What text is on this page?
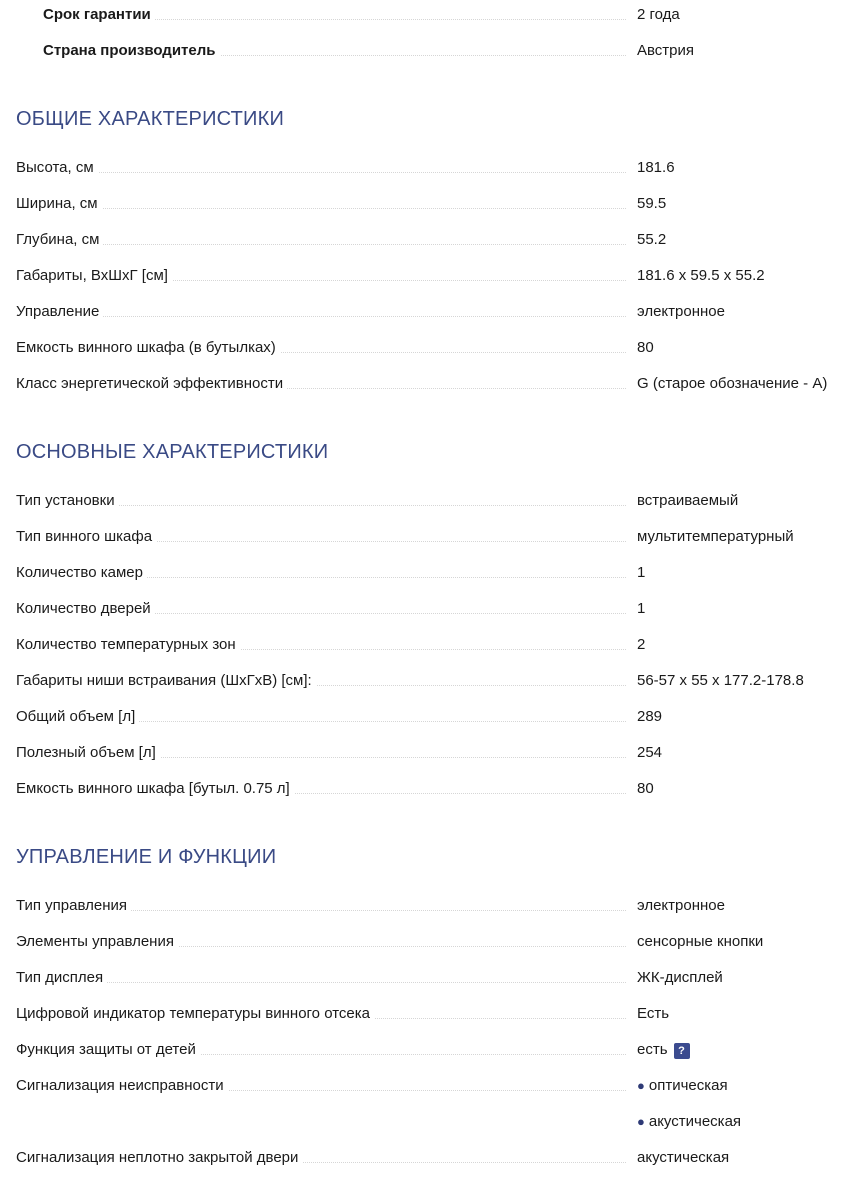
Срок гарантии	2 года
Страна производитель	Австрия
ОБЩИЕ ХАРАКТЕРИСТИКИ
Высота, см	181.6
Ширина, см	59.5
Глубина, см	55.2
Габариты, ВхШхГ [см]	181.6 x 59.5 x 55.2
Управление	электронное
Емкость винного шкафа (в бутылках)	80
Класс энергетической эффективности	G (старое обозначение - A)
ОСНОВНЫЕ ХАРАКТЕРИСТИКИ
Тип установки	встраиваемый
Тип винного шкафа	мультитемпературный
Количество камер	1
Количество дверей	1
Количество температурных зон	2
Габариты ниши встраивания (ШхГхВ) [см]:	56-57 x 55 x 177.2-178.8
Общий объем [л]	289
Полезный объем [л]	254
Емкость винного шкафа [бутыл. 0.75 л]	80
УПРАВЛЕНИЕ И ФУНКЦИИ
Тип управления	электронное
Элементы управления	сенсорные кнопки
Тип дисплея	ЖК-дисплей
Цифровой индикатор температуры винного отсека	Есть
Функция защиты от детей	есть ?
Сигнализация неисправности	● оптическая
● акустическая
Сигнализация неплотно закрытой двери	акустическая
